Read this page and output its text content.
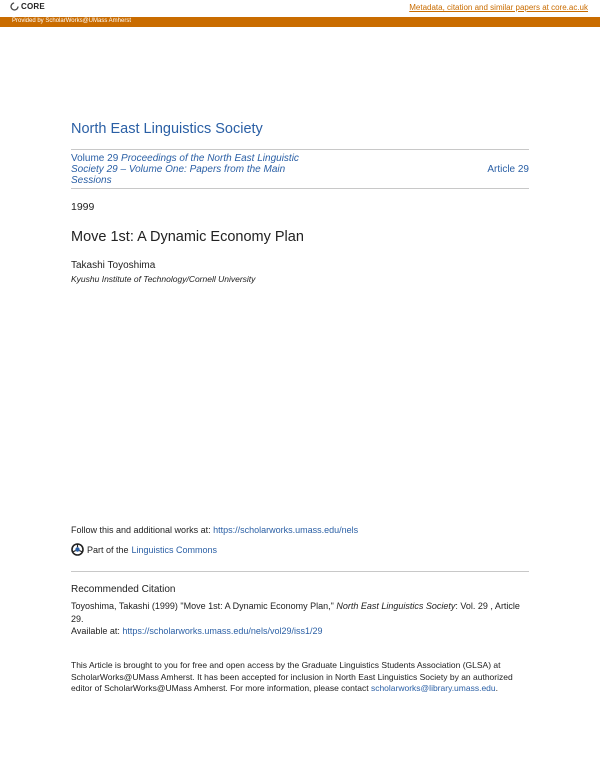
CORE	Metadata, citation and similar papers at core.ac.uk
Provided by ScholarWorks@UMass Amherst
North East Linguistics Society
Volume 29 Proceedings of the North East Linguistic Society 29 – Volume One: Papers from the Main Sessions
Article 29
1999
Move 1st: A Dynamic Economy Plan
Takashi Toyoshima
Kyushu Institute of Technology/Cornell University
Follow this and additional works at: https://scholarworks.umass.edu/nels
Part of the Linguistics Commons
Recommended Citation
Toyoshima, Takashi (1999) "Move 1st: A Dynamic Economy Plan," North East Linguistics Society: Vol. 29 , Article 29.
Available at: https://scholarworks.umass.edu/nels/vol29/iss1/29
This Article is brought to you for free and open access by the Graduate Linguistics Students Association (GLSA) at ScholarWorks@UMass Amherst. It has been accepted for inclusion in North East Linguistics Society by an authorized editor of ScholarWorks@UMass Amherst. For more information, please contact scholarworks@library.umass.edu.
